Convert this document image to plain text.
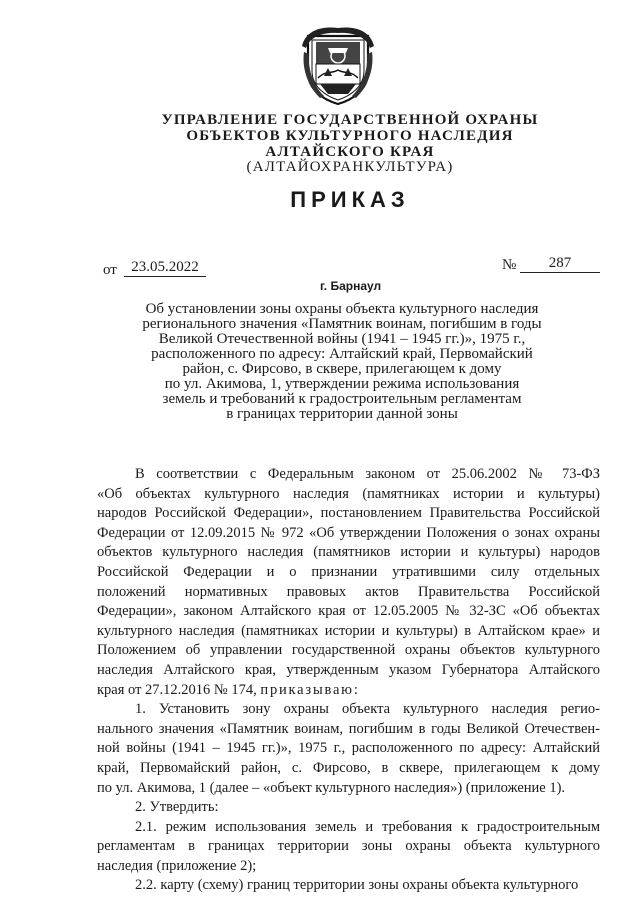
УПРАВЛЕНИЕ ГОСУДАРСТВЕННОЙ ОХРАНЫ
ОБЪЕКТОВ КУЛЬТУРНОГО НАСЛЕДИЯ
АЛТАЙСКОГО КРАЯ
(АЛТАЙОХРАНКУЛЬТУРА)
ПРИКАЗ
от 23.05.2022	№	287
г. Барнаул
Об установлении зоны охраны объекта культурного наследия
регионального значения «Памятник воинам, погибшим в годы
Великой Отечественной войны (1941 – 1945 гг.)», 1975 г.,
расположенного по адресу: Алтайский край, Первомайский
район, с. Фирсово, в сквере, прилегающем к дому
по ул. Акимова, 1, утверждении режима использования
земель и требований к градостроительным регламентам
в границах территории данной зоны
В соответствии с Федеральным законом от 25.06.2002 № 73-ФЗ
«Об объектах культурного наследия (памятниках истории и культуры)
народов Российской Федерации», постановлением Правительства Российской
Федерации от 12.09.2015 № 972 «Об утверждении Положения о зонах охраны
объектов культурного наследия (памятников истории и культуры) народов
Российской Федерации и о признании утратившими силу отдельных
положений нормативных правовых актов Правительства Российской
Федерации», законом Алтайского края от 12.05.2005 № 32-ЗС «Об объектах
культурного наследия (памятниках истории и культуры) в Алтайском крае» и
Положением об управлении государственной охраны объектов культурного
наследия Алтайского края, утвержденным указом Губернатора Алтайского
края от 27.12.2016 № 174, приказываю:
1. Установить зону охраны объекта культурного наследия регио-
нального значения «Памятник воинам, погибшим в годы Великой Отечествен-
ной войны (1941 – 1945 гг.)», 1975 г., расположенного по адресу: Алтайский
край, Первомайский район, с. Фирсово, в сквере, прилегающем к дому
по ул. Акимова, 1 (далее – «объект культурного наследия») (приложение 1).
2. Утвердить:
2.1. режим использования земель и требования к градостроительным
регламентам в границах территории зоны охраны объекта культурного
наследия (приложение 2);
2.2. карту (схему) границ территории зоны охраны объекта культурного
